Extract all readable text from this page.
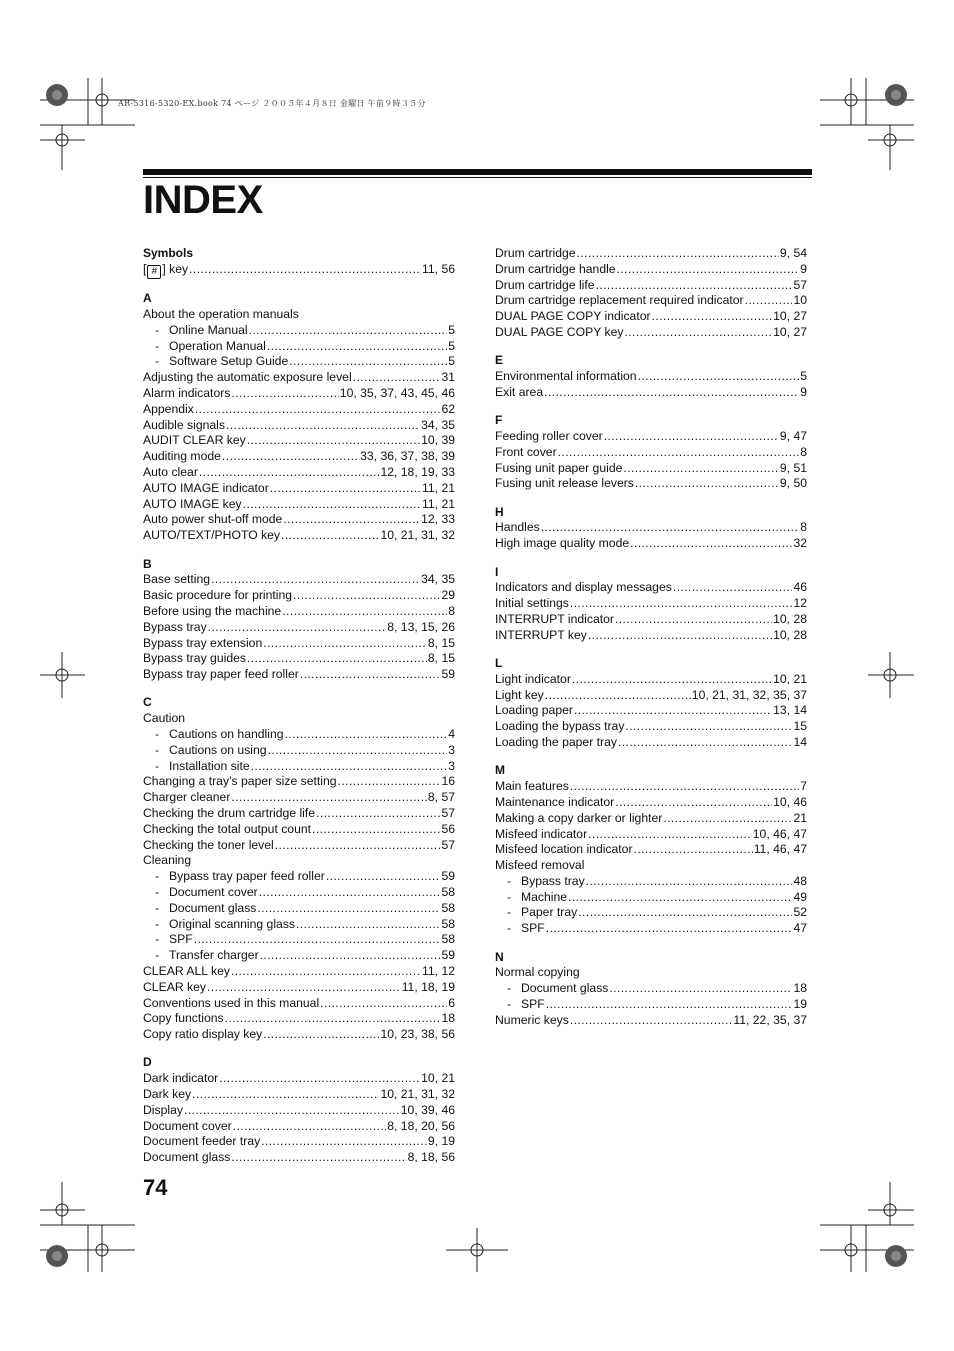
AR-5316-5320-EX.book 74 ページ ２００５年４月８日 金曜日 午前９時３５分
INDEX
Symbols
[ # ] key .....	11, 56
A
About the operation manuals
- Online Manual .....	5
- Operation Manual .....	5
- Software Setup Guide .....	5
Adjusting the automatic exposure level .....	31
Alarm indicators .....	10, 35, 37, 43, 45, 46
Appendix .....	62
Audible signals .....	34, 35
AUDIT CLEAR key .....	10, 39
Auditing mode .....	33, 36, 37, 38, 39
Auto clear .....	12, 18, 19, 33
AUTO IMAGE indicator .....	11, 21
AUTO IMAGE key .....	11, 21
Auto power shut-off mode .....	12, 33
AUTO/TEXT/PHOTO key .....	10, 21, 31, 32
B
Base setting .....	34, 35
Basic procedure for printing .....	29
Before using the machine .....	8
Bypass tray .....	8, 13, 15, 26
Bypass tray extension .....	8, 15
Bypass tray guides .....	8, 15
Bypass tray paper feed roller .....	59
C
Caution
- Cautions on handling .....	4
- Cautions on using .....	3
- Installation site .....	3
Changing a tray’s paper size setting .....	16
Charger cleaner .....	8, 57
Checking the drum cartridge life .....	57
Checking the total output count .....	56
Checking the toner level .....	57
Cleaning
- Bypass tray paper feed roller .....	59
- Document cover .....	58
- Document glass .....	58
- Original scanning glass .....	58
- SPF .....	58
- Transfer charger .....	59
CLEAR ALL key .....	11, 12
CLEAR key .....	11, 18, 19
Conventions used in this manual .....	6
Copy functions .....	18
Copy ratio display key .....	10, 23, 38, 56
D
Dark indicator .....	10, 21
Dark key .....	10, 21, 31, 32
Display .....	10, 39, 46
Document cover .....	8, 18, 20, 56
Document feeder tray .....	9, 19
Document glass .....	8, 18, 56
Drum cartridge .....	9, 54
Drum cartridge handle .....	9
Drum cartridge life .....	57
Drum cartridge replacement required indicator .....	10
DUAL PAGE COPY indicator .....	10, 27
DUAL PAGE COPY key .....	10, 27
E
Environmental information .....	5
Exit area .....	9
F
Feeding roller cover .....	9, 47
Front cover .....	8
Fusing unit paper guide .....	9, 51
Fusing unit release levers .....	9, 50
H
Handles .....	8
High image quality mode .....	32
I
Indicators and display messages .....	46
Initial settings .....	12
INTERRUPT indicator .....	10, 28
INTERRUPT key .....	10, 28
L
Light indicator .....	10, 21
Light key .....	10, 21, 31, 32, 35, 37
Loading paper .....	13, 14
Loading the bypass tray .....	15
Loading the paper tray .....	14
M
Main features .....	7
Maintenance indicator .....	10, 46
Making a copy darker or lighter .....	21
Misfeed indicator .....	10, 46, 47
Misfeed location indicator .....	11, 46, 47
Misfeed removal
- Bypass tray .....	48
- Machine .....	49
- Paper tray .....	52
- SPF .....	47
N
Normal copying
- Document glass .....	18
- SPF .....	19
Numeric keys .....	11, 22, 35, 37
74
